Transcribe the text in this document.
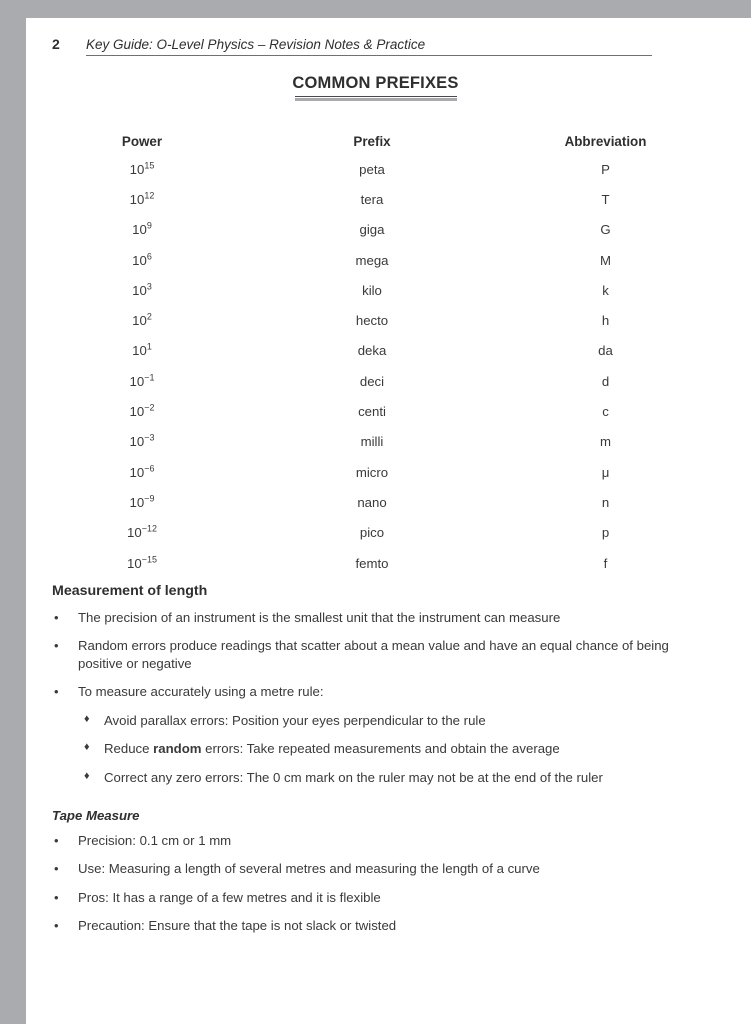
2	Key Guide: O-Level Physics – Revision Notes & Practice
COMMON PREFIXES
Power	Prefix	Abbreviation
$10^{15}$	peta	P
$10^{12}$	tera	T
$10^9$	giga	G
$10^6$	mega	M
$10^3$	kilo	k
$10^2$	hecto	h
$10^1$	deka	da
$10^{-1}$	deci	d
$10^{-2}$	centi	c
$10^{-3}$	milli	m
$10^{-6}$	micro	μ
$10^{-9}$	nano	n
$10^{-12}$	pico	p
$10^{-15}$	femto	f
Measurement of length
• The precision of an instrument is the smallest unit that the instrument can measure
• Random errors produce readings that scatter about a mean value and have an equal chance of being positive or negative
• To measure accurately using a metre rule:
♦ Avoid parallax errors: Position your eyes perpendicular to the rule
♦ Reduce random errors: Take repeated measurements and obtain the average
♦ Correct any zero errors: The 0 cm mark on the ruler may not be at the end of the ruler
Tape Measure
• Precision: 0.1 cm or 1 mm
• Use: Measuring a length of several metres and measuring the length of a curve
• Pros: It has a range of a few metres and it is flexible
• Precaution: Ensure that the tape is not slack or twisted
